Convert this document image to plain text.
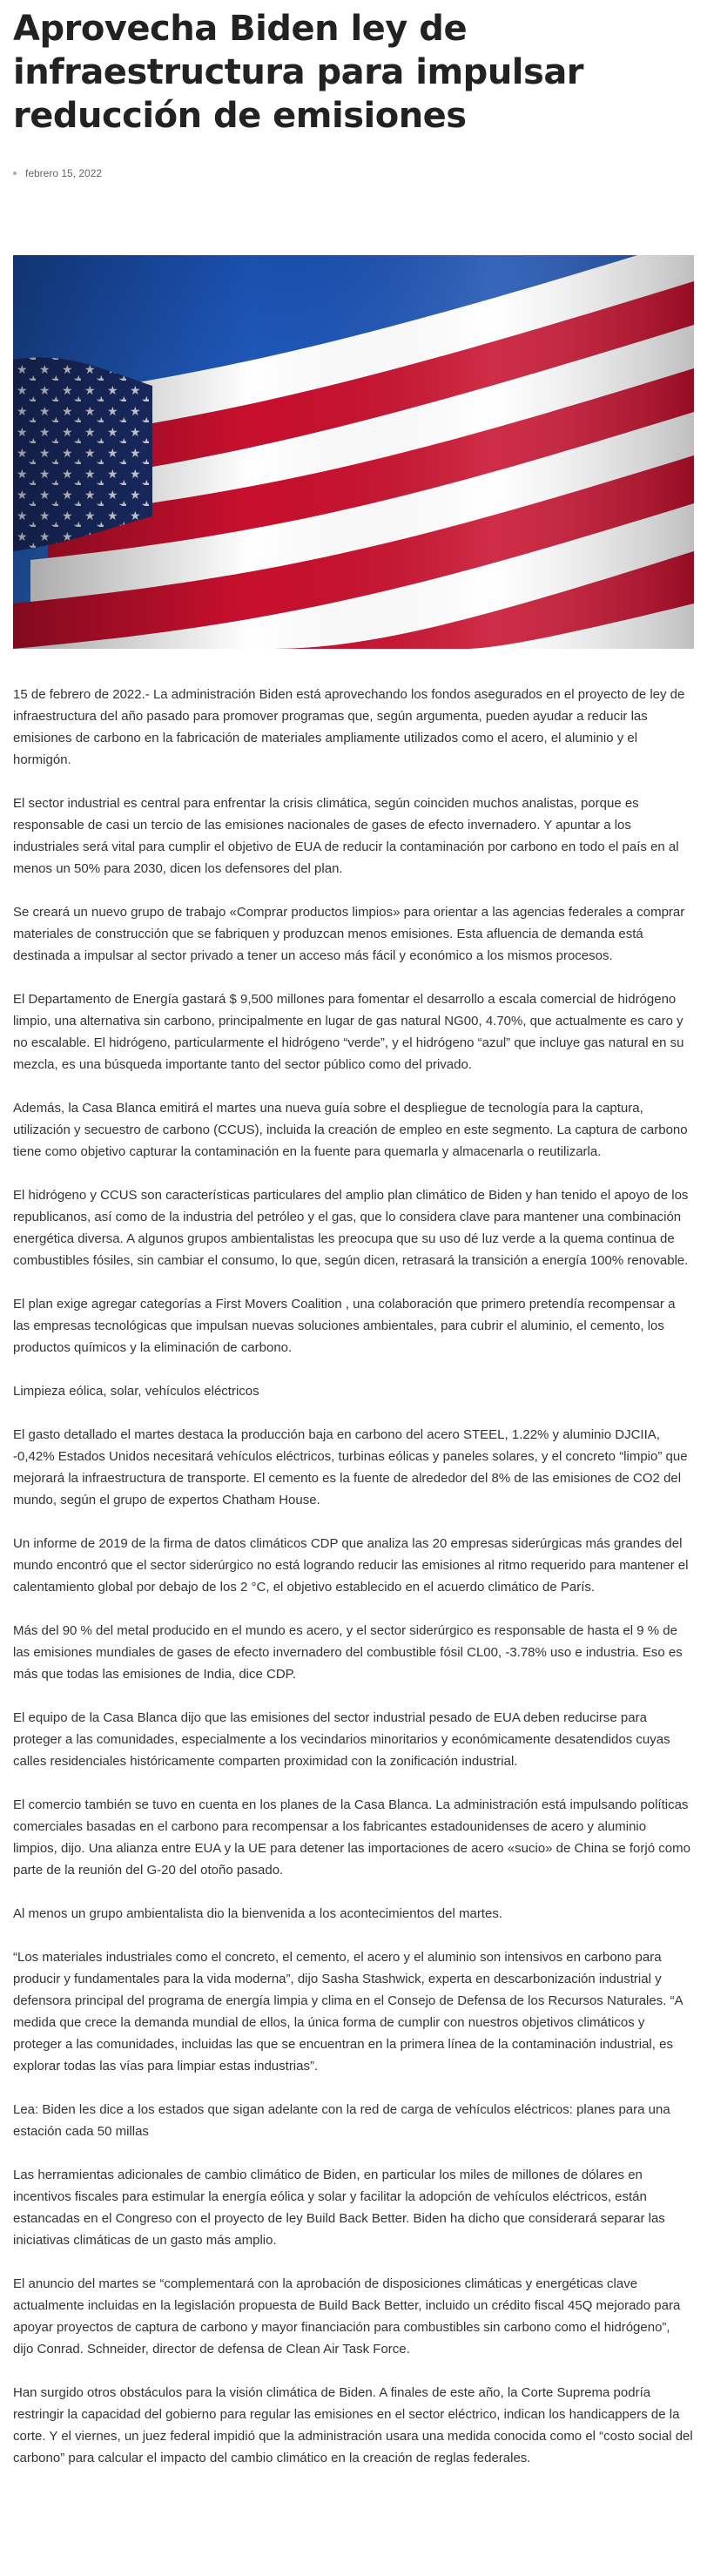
Aprovecha Biden ley de infraestructura para impulsar reducción de emisiones
febrero 15, 2022

15 de febrero de 2022.- La administración Biden está aprovechando los fondos asegurados en el proyecto de ley de infraestructura del año pasado para promover programas que, según argumenta, pueden ayudar a reducir las emisiones de carbono en la fabricación de materiales ampliamente utilizados como el acero, el aluminio y el hormigón.

El sector industrial es central para enfrentar la crisis climática, según coinciden muchos analistas, porque es responsable de casi un tercio de las emisiones nacionales de gases de efecto invernadero. Y apuntar a los industriales será vital para cumplir el objetivo de EUA de reducir la contaminación por carbono en todo el país en al menos un 50% para 2030, dicen los defensores del plan.

Se creará un nuevo grupo de trabajo «Comprar productos limpios» para orientar a las agencias federales a comprar materiales de construcción que se fabriquen y produzcan menos emisiones. Esta afluencia de demanda está destinada a impulsar al sector privado a tener un acceso más fácil y económico a los mismos procesos.

El Departamento de Energía gastará $ 9,500 millones para fomentar el desarrollo a escala comercial de hidrógeno limpio, una alternativa sin carbono, principalmente en lugar de gas natural NG00, 4.70%, que actualmente es caro y no escalable. El hidrógeno, particularmente el hidrógeno “verde”, y el hidrógeno “azul” que incluye gas natural en su mezcla, es una búsqueda importante tanto del sector público como del privado.

Además, la Casa Blanca emitirá el martes una nueva guía sobre el despliegue de tecnología para la captura, utilización y secuestro de carbono (CCUS), incluida la creación de empleo en este segmento. La captura de carbono tiene como objetivo capturar la contaminación en la fuente para quemarla y almacenarla o reutilizarla.

El hidrógeno y CCUS son características particulares del amplio plan climático de Biden y han tenido el apoyo de los republicanos, así como de la industria del petróleo y el gas, que lo considera clave para mantener una combinación energética diversa. A algunos grupos ambientalistas les preocupa que su uso dé luz verde a la quema continua de combustibles fósiles, sin cambiar el consumo, lo que, según dicen, retrasará la transición a energía 100% renovable.

El plan exige agregar categorías a First Movers Coalition , una colaboración que primero pretendía recompensar a las empresas tecnológicas que impulsan nuevas soluciones ambientales, para cubrir el aluminio, el cemento, los productos químicos y la eliminación de carbono.

Limpieza eólica, solar, vehículos eléctricos

El gasto detallado el martes destaca la producción baja en carbono del acero STEEL, 1.22% y aluminio DJCIIA, -0,42% Estados Unidos necesitará vehículos eléctricos, turbinas eólicas y paneles solares, y el concreto “limpio” que mejorará la infraestructura de transporte. El cemento es la fuente de alrededor del 8% de las emisiones de CO2 del mundo, según el grupo de expertos Chatham House.

Un informe de 2019 de la firma de datos climáticos CDP que analiza las 20 empresas siderúrgicas más grandes del mundo encontró que el sector siderúrgico no está logrando reducir las emisiones al ritmo requerido para mantener el calentamiento global por debajo de los 2 °C, el objetivo establecido en el acuerdo climático de París.

Más del 90 % del metal producido en el mundo es acero, y el sector siderúrgico es responsable de hasta el 9 % de las emisiones mundiales de gases de efecto invernadero del combustible fósil CL00, -3.78% uso e industria. Eso es más que todas las emisiones de India, dice CDP.

El equipo de la Casa Blanca dijo que las emisiones del sector industrial pesado de EUA deben reducirse para proteger a las comunidades, especialmente a los vecindarios minoritarios y económicamente desatendidos cuyas calles residenciales históricamente comparten proximidad con la zonificación industrial.

El comercio también se tuvo en cuenta en los planes de la Casa Blanca. La administración está impulsando políticas comerciales basadas en el carbono para recompensar a los fabricantes estadounidenses de acero y aluminio limpios, dijo. Una alianza entre EUA y la UE para detener las importaciones de acero «sucio» de China se forjó como parte de la reunión del G-20 del otoño pasado.

Al menos un grupo ambientalista dio la bienvenida a los acontecimientos del martes.

“Los materiales industriales como el concreto, el cemento, el acero y el aluminio son intensivos en carbono para producir y fundamentales para la vida moderna”, dijo Sasha Stashwick, experta en descarbonización industrial y defensora principal del programa de energía limpia y clima en el Consejo de Defensa de los Recursos Naturales. “A medida que crece la demanda mundial de ellos, la única forma de cumplir con nuestros objetivos climáticos y proteger a las comunidades, incluidas las que se encuentran en la primera línea de la contaminación industrial, es explorar todas las vías para limpiar estas industrias”.

Lea: Biden les dice a los estados que sigan adelante con la red de carga de vehículos eléctricos: planes para una estación cada 50 millas

Las herramientas adicionales de cambio climático de Biden, en particular los miles de millones de dólares en incentivos fiscales para estimular la energía eólica y solar y facilitar la adopción de vehículos eléctricos, están estancadas en el Congreso con el proyecto de ley Build Back Better. Biden ha dicho que considerará separar las iniciativas climáticas de un gasto más amplio.

El anuncio del martes se “complementará con la aprobación de disposiciones climáticas y energéticas clave actualmente incluidas en la legislación propuesta de Build Back Better, incluido un crédito fiscal 45Q mejorado para apoyar proyectos de captura de carbono y mayor financiación para combustibles sin carbono como el hidrógeno”, dijo Conrad. Schneider, director de defensa de Clean Air Task Force.

Han surgido otros obstáculos para la visión climática de Biden. A finales de este año, la Corte Suprema podría restringir la capacidad del gobierno para regular las emisiones en el sector eléctrico, indican los handicappers de la corte. Y el viernes, un juez federal impidió que la administración usara una medida conocida como el “costo social del carbono” para calcular el impacto del cambio climático en la creación de reglas federales.
